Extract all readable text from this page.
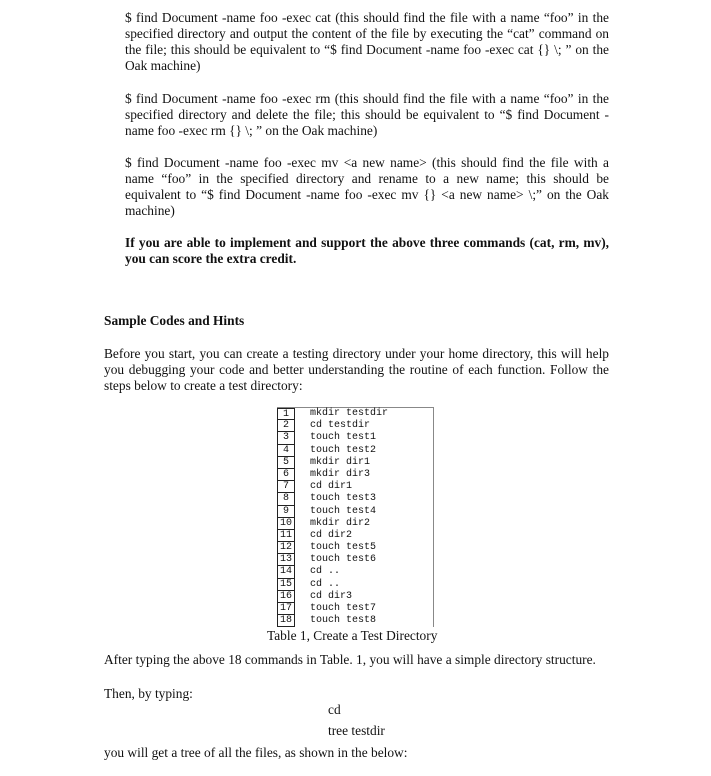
$ find Document -name foo -exec cat (this should find the file with a name “foo” in the specified directory and output the content of the file by executing the “cat” command on the file; this should be equivalent to “$ find Document -name foo -exec cat {} \; ” on the Oak machine)

$ find Document -name foo -exec rm (this should find the file with a name “foo” in the specified directory and delete the file; this should be equivalent to “$ find Document -name foo -exec rm {} \; ” on the Oak machine)

$ find Document -name foo -exec mv <a new name> (this should find the file with a name “foo” in the specified directory and rename to a new name; this should be equivalent to “$ find Document -name foo -exec mv {} <a new name> \;” on the Oak machine)

If you are able to implement and support the above three commands (cat, rm, mv), you can score the extra credit.

Sample Codes and Hints

Before you start, you can create a testing directory under your home directory, this will help you debugging your code and better understanding the routine of each function. Follow the steps below to create a test directory:

1	mkdir testdir
2	cd testdir
3	touch test1
4	touch test2
5	mkdir dir1
6	mkdir dir3
7	cd dir1
8	touch test3
9	touch test4
10	mkdir dir2
11	cd dir2
12	touch test5
13	touch test6
14	cd ..
15	cd ..
16	cd dir3
17	touch test7
18	touch test8

Table 1, Create a Test Directory

After typing the above 18 commands in Table. 1, you will have a simple directory structure.

Then, by typing:

cd

tree testdir

you will get a tree of all the files, as shown in the below:
